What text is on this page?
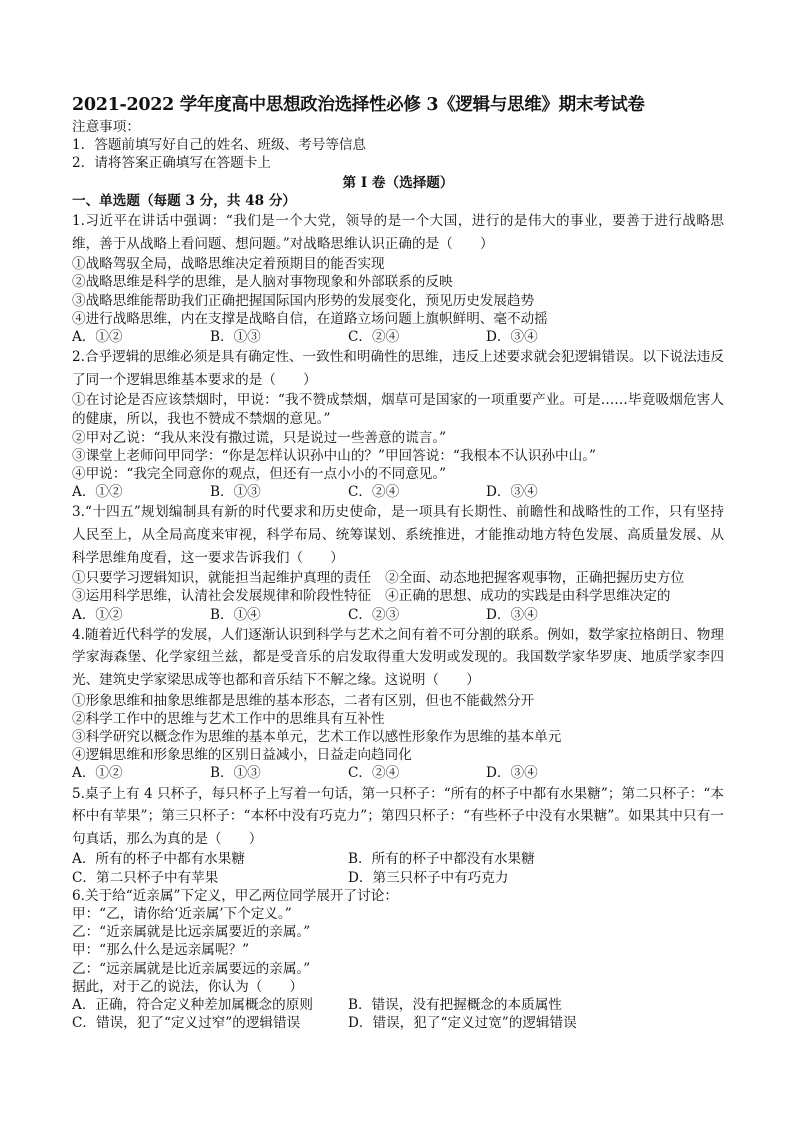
2021-2022 学年度高中思想政治选择性必修 3《逻辑与思维》期末考试卷
注意事项：
1．答题前填写好自己的姓名、班级、考号等信息
2．请将答案正确填写在答题卡上
第 I 卷（选择题）
一、单选题（每题 3 分，共 48 分）

1.习近平在讲话中强调：“我们是一个大党，领导的是一个大国，进行的是伟大的事业，要善于进行战略思维，善于从战略上看问题、想问题。”对战略思维认识正确的是（　　）

①战略驾驭全局，战略思维决定着预期目的能否实现
②战略思维是科学的思维，是人脑对事物现象和外部联系的反映
③战略思维能帮助我们正确把握国际国内形势的发展变化，预见历史发展趋势
④进行战略思维，内在支撑是战略自信，在道路立场问题上旗帜鲜明、毫不动摇
A．①②	B．①③	C．②④	D．③④

2.合乎逻辑的思维必须是具有确定性、一致性和明确性的思维，违反上述要求就会犯逻辑错误。以下说法违反了同一个逻辑思维基本要求的是（　　）

①在讨论是否应该禁烟时，甲说：“我不赞成禁烟，烟草可是国家的一项重要产业。可是……毕竟吸烟危害人的健康，所以，我也不赞成不禁烟的意见。”

②甲对乙说：“我从来没有撒过谎，只是说过一些善意的谎言。”
③课堂上老师问甲同学：“你是怎样认识孙中山的？”甲回答说：“我根本不认识孙中山。”
④甲说：“我完全同意你的观点，但还有一点小小的不同意见。”
A．①②	B．①③	C．②④	D．③④

3.“十四五”规划编制具有新的时代要求和历史使命，是一项具有长期性、前瞻性和战略性的工作，只有坚持人民至上，从全局高度来审视，科学布局、统筹谋划、系统推进，才能推动地方特色发展、高质量发展、从科学思维角度看，这一要求告诉我们（　　）

①只要学习逻辑知识，就能担当起维护真理的责任 ②全面、动态地把握客观事物，正确把握历史方位
③运用科学思维，认清社会发展规律和阶段性特征 ④正确的思想、成功的实践是由科学思维决定的
A．①②	B．①④	C．②③	D．③④

4.随着近代科学的发展，人们逐渐认识到科学与艺术之间有着不可分割的联系。例如，数学家拉格朗日、物理学家海森堡、化学家纽兰兹，都是受音乐的启发取得重大发明或发现的。我国数学家华罗庚、地质学家李四光、建筑史学家梁思成等也都和音乐结下不解之缘。这说明（　　）

①形象思维和抽象思维都是思维的基本形态，二者有区别，但也不能截然分开
②科学工作中的思维与艺术工作中的思维具有互补性
③科学研究以概念作为思维的基本单元，艺术工作以感性形象作为思维的基本单元
④逻辑思维和形象思维的区别日益减小，日益走向趋同化
A．①②	B．①③	C．②④	D．③④

5.桌子上有 4 只杯子，每只杯子上写着一句话，第一只杯子：“所有的杯子中都有水果糖”；第二只杯子：“本杯中有苹果”；第三只杯子：“本杯中没有巧克力”；第四只杯子：“有些杯子中没有水果糖”。如果其中只有一句真话，那么为真的是（　　）

A．所有的杯子中都有水果糖	B．所有的杯子中都没有水果糖
C．第二只杯子中有苹果	D．第三只杯子中有巧克力
6.关于给“近亲属”下定义，甲乙两位同学展开了讨论：
甲：“乙，请你给‘近亲属’下个定义。”
乙：“近亲属就是比远亲属要近的亲属。”
甲：“那么什么是远亲属呢？”
乙：“远亲属就是比近亲属要远的亲属。”
据此，对于乙的说法，你认为（　　）
A．正确，符合定义种差加属概念的原则	B．错误，没有把握概念的本质属性
C．错误，犯了“定义过窄”的逻辑错误	D．错误，犯了“定义过宽”的逻辑错误
